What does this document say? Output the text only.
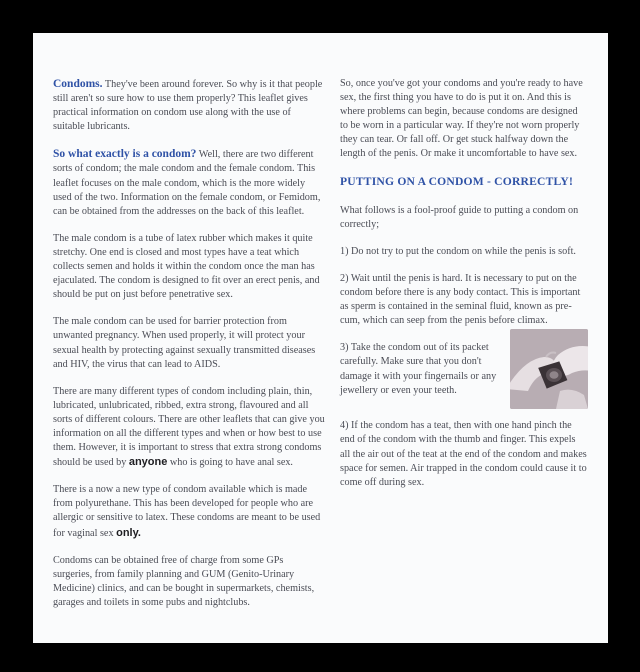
Condoms. They've been around forever. So why is it that people still aren't so sure how to use them properly? This leaflet gives practical information on condom use along with the use of suitable lubricants.

So what exactly is a condom? Well, there are two different sorts of condom; the male condom and the female condom. This leaflet focuses on the male condom, which is the more widely used of the two. Information on the female condom, or Femidom, can be obtained from the addresses on the back of this leaflet.

The male condom is a tube of latex rubber which makes it quite stretchy. One end is closed and most types have a teat which collects semen and holds it within the condom once the man has ejaculated. The condom is designed to fit over an erect penis, and should be put on just before penetrative sex.

The male condom can be used for barrier protection from unwanted pregnancy. When used properly, it will protect your sexual health by protecting against sexually transmitted diseases and HIV, the virus that can lead to AIDS.

There are many different types of condom including plain, thin, lubricated, unlubricated, ribbed, extra strong, flavoured and all sorts of different colours. There are other leaflets that can give you information on all the different types and when or how best to use them. However, it is important to stress that extra strong condoms should be used by anyone who is going to have anal sex.

There is a now a new type of condom available which is made from polyurethane. This has been developed for people who are allergic or sensitive to latex. These condoms are meant to be used for vaginal sex only.

Condoms can be obtained free of charge from some GPs surgeries, from family planning and GUM (Genito-Urinary Medicine) clinics, and can be bought in supermarkets, chemists, garages and toilets in some pubs and nightclubs.

So, once you've got your condoms and you're ready to have sex, the first thing you have to do is put it on. And this is where problems can begin, because condoms are designed to be worn in a particular way. If they're not worn properly they can tear. Or fall off. Or get stuck halfway down the length of the penis. Or make it uncomfortable to have sex.

PUTTING ON A CONDOM - CORRECTLY!

What follows is a fool-proof guide to putting a condom on correctly;

1) Do not try to put the condom on while the penis is soft.

2) Wait until the penis is hard. It is necessary to put on the condom before there is any body contact. This is important as sperm is contained in the seminal fluid, known as pre-cum, which can seep from the penis before climax.

3) Take the condom out of its packet carefully. Make sure that you don't damage it with your fingernails or any jewellery or even your teeth.

4) If the condom has a teat, then with one hand pinch the end of the condom with the thumb and finger. This expels all the air out of the teat at the end of the condom and makes space for semen. Air trapped in the condom could cause it to come off during sex.
